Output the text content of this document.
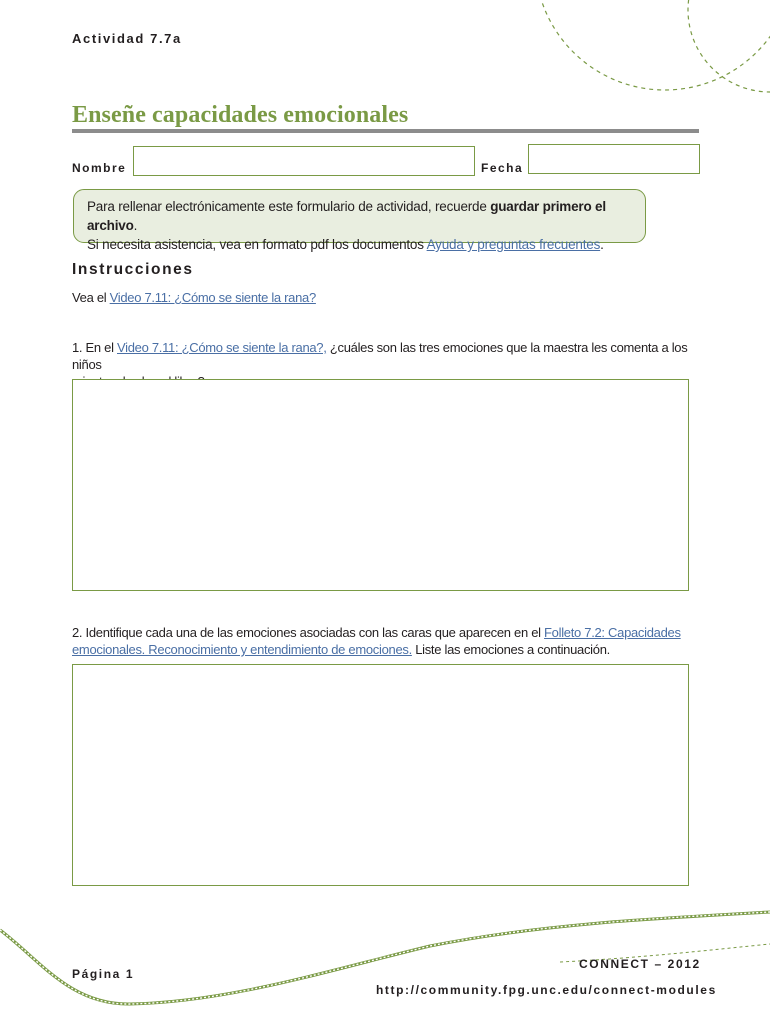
Actividad 7.7a
Enseñe capacidades emocionales
Nombre	Fecha
Para rellenar electrónicamente este formulario de actividad, recuerde guardar primero el archivo.
Si necesita asistencia, vea en formato pdf los documentos Ayuda y preguntas frecuentes.
Instrucciones
Vea el Video 7.11: ¿Cómo se siente la rana?
1. En el Video 7.11: ¿Cómo se siente la rana?, ¿cuáles son las tres emociones que la maestra les comenta a los niños
2. Identifique cada una de las emociones asociadas con las caras que aparecen en el Folleto 7.2: Capacidades
emocionales. Reconocimiento y entendimiento de emociones. Liste las emociones a continuación.
Página 1
CONNECT – 2012
http://community.fpg.unc.edu/connect-modules
